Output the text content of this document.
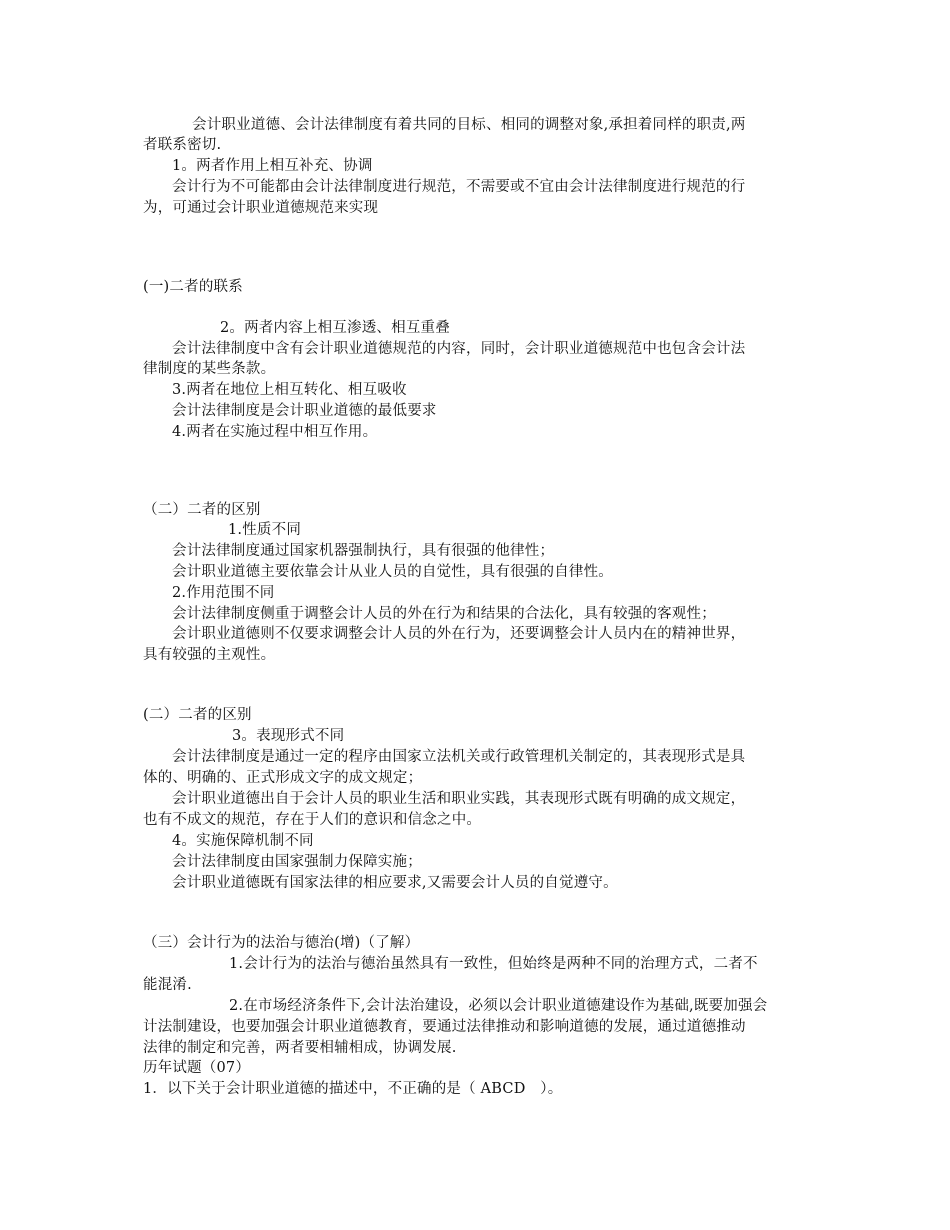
会计职业道德、会计法律制度有着共同的目标、相同的调整对象,承担着同样的职责,两
者联系密切.
1。两者作用上相互补充、协调
会计行为不可能都由会计法律制度进行规范，不需要或不宜由会计法律制度进行规范的行
为，可通过会计职业道德规范来实现
(一)二者的联系
2。两者内容上相互渗透、相互重叠
会计法律制度中含有会计职业道德规范的内容，同时，会计职业道德规范中也包含会计法
律制度的某些条款。
3.两者在地位上相互转化、相互吸收
会计法律制度是会计职业道德的最低要求
4.两者在实施过程中相互作用。
（二）二者的区别
1.性质不同
会计法律制度通过国家机器强制执行，具有很强的他律性；
会计职业道德主要依靠会计从业人员的自觉性，具有很强的自律性。
2.作用范围不同
会计法律制度侧重于调整会计人员的外在行为和结果的合法化，具有较强的客观性；
会计职业道德则不仅要求调整会计人员的外在行为，还要调整会计人员内在的精神世界，
具有较强的主观性。
(二）二者的区别
3。表现形式不同
会计法律制度是通过一定的程序由国家立法机关或行政管理机关制定的，其表现形式是具
体的、明确的、正式形成文字的成文规定；
会计职业道德出自于会计人员的职业生活和职业实践，其表现形式既有明确的成文规定，
也有不成文的规范，存在于人们的意识和信念之中。
4。实施保障机制不同
会计法律制度由国家强制力保障实施；
会计职业道德既有国家法律的相应要求,又需要会计人员的自觉遵守。
（三）会计行为的法治与德治(增)（了解）
1.会计行为的法治与德治虽然具有一致性，但始终是两种不同的治理方式，二者不
能混淆.
2.在市场经济条件下,会计法治建设，必须以会计职业道德建设作为基础,既要加强会
计法制建设，也要加强会计职业道德教育，要通过法律推动和影响道德的发展，通过道德推动
法律的制定和完善，两者要相辅相成，协调发展.
历年试题（07）
1．以下关于会计职业道德的描述中，不正确的是（ ABCD　）。
